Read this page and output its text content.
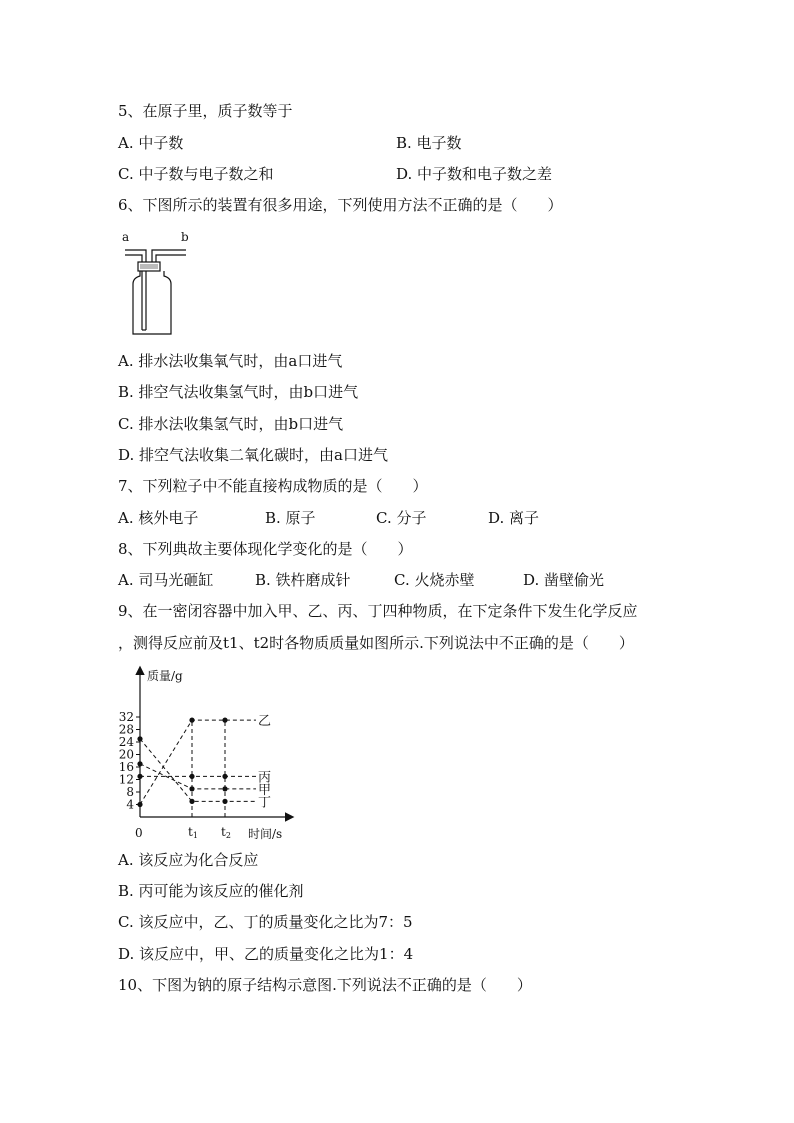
5、在原子里，质子数等于
A. 中子数	B. 电子数
C. 中子数与电子数之和	D. 中子数和电子数之差
6、下图所示的装置有很多用途，下列使用方法不正确的是（　　）
a	b
A. 排水法收集氧气时，由a口进气
B. 排空气法收集氢气时，由b口进气
C. 排水法收集氢气时，由b口进气
D. 排空气法收集二氧化碳时，由a口进气
7、下列粒子中不能直接构成物质的是（　　）
A. 核外电子	B. 原子	C. 分子	D. 离子
8、下列典故主要体现化学变化的是（　　）
A. 司马光砸缸	B. 铁杵磨成针	C. 火烧赤壁	D. 凿壁偷光
9、在一密闭容器中加入甲、乙、丙、丁四种物质，在下定条件下发生化学反应
，测得反应前及t1、t2时各物质质量如图所示.下列说法中不正确的是（　　）
质量/g
时间/s
0
4
8
12
16
20
24
28
32
t1 t2
乙
丙
甲
丁
A. 该反应为化合反应
B. 丙可能为该反应的催化剂
C. 该反应中，乙、丁的质量变化之比为7：5
D. 该反应中，甲、乙的质量变化之比为1：4
10、下图为钠的原子结构示意图.下列说法不正确的是（　　）
